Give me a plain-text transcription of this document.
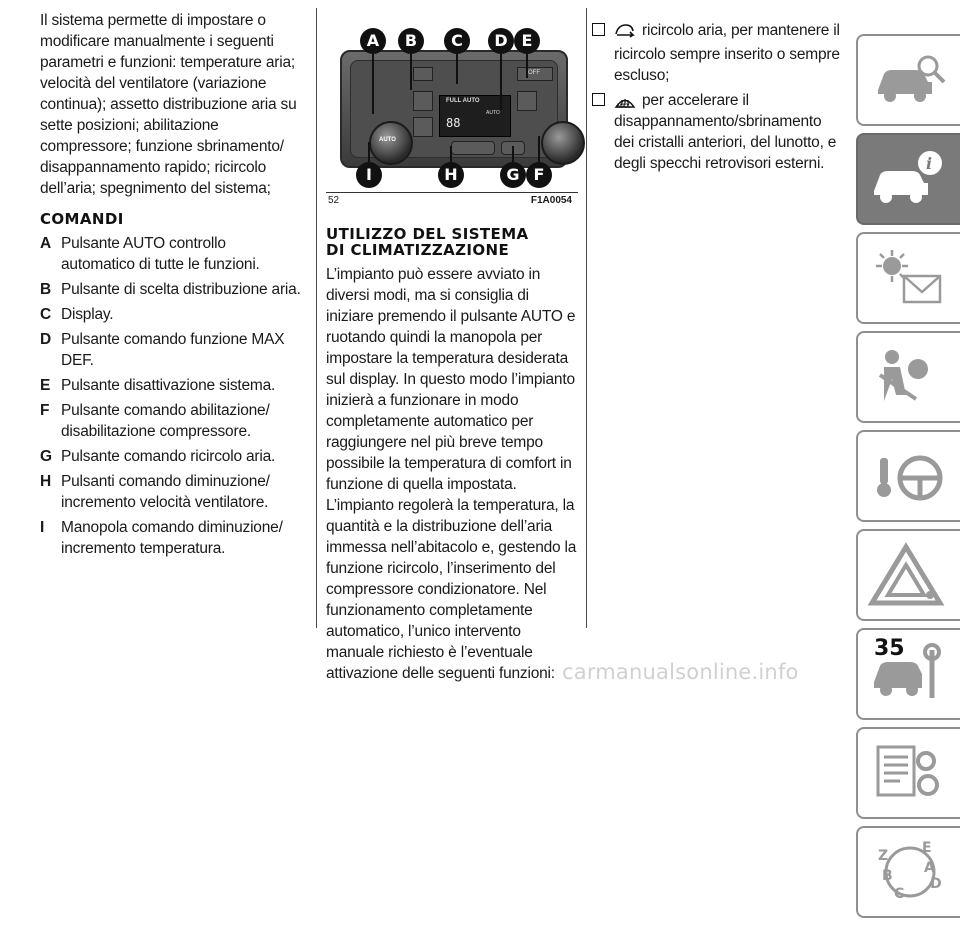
Il sistema permette di impostare o modificare manualmente i seguenti parametri e funzioni: temperature aria; velocità del ventilatore (variazione continua); assetto distribuzione aria su sette posizioni; abilitazione compressore; funzione sbrinamento/ disappannamento rapido; ricircolo dell’aria; spegnimento del sistema;

COMANDI
A Pulsante AUTO controllo automatico di tutte le funzioni.
B Pulsante di scelta distribuzione aria.
C Display.
D Pulsante comando funzione MAX DEF.
E Pulsante disattivazione sistema.
F Pulsante comando abilitazione/ disabilitazione compressore.
G Pulsante comando ricircolo aria.
H Pulsanti comando diminuzione/ incremento velocità ventilatore.
I Manopola comando diminuzione/ incremento temperatura.
FULL AUTO
AUTO
88
OFF
AUTO
A	B	C	D E
I	H	G F
52	F1A0054
UTILIZZO DEL SISTEMA
DI CLIMATIZZAZIONE

L’impianto può essere avviato in diversi modi, ma si consiglia di iniziare premendo il pulsante AUTO e ruotando quindi la manopola per impostare la temperatura desiderata sul display. In questo modo l’impianto inizierà a funzionare in modo completamente automatico per raggiungere nel più breve tempo possibile la temperatura di comfort in funzione di quella impostata. L’impianto regolerà la temperatura, la quantità e la distribuzione dell’aria immessa nell’abitacolo e, gestendo la funzione ricircolo, l’inserimento del compressore condizionatore. Nel funzionamento completamente automatico, l’unico intervento manuale richiesto è l’eventuale attivazione delle seguenti funzioni:

ricircolo aria, per mantenere il ricircolo sempre inserito o sempre escluso;
MAX per accelerare il disappannamento/sbrinamento dei cristalli anteriori, del lunotto, e degli specchi retrovisori esterni.	i
Z E
A
B	D
C
35
carmanualsonline.info
